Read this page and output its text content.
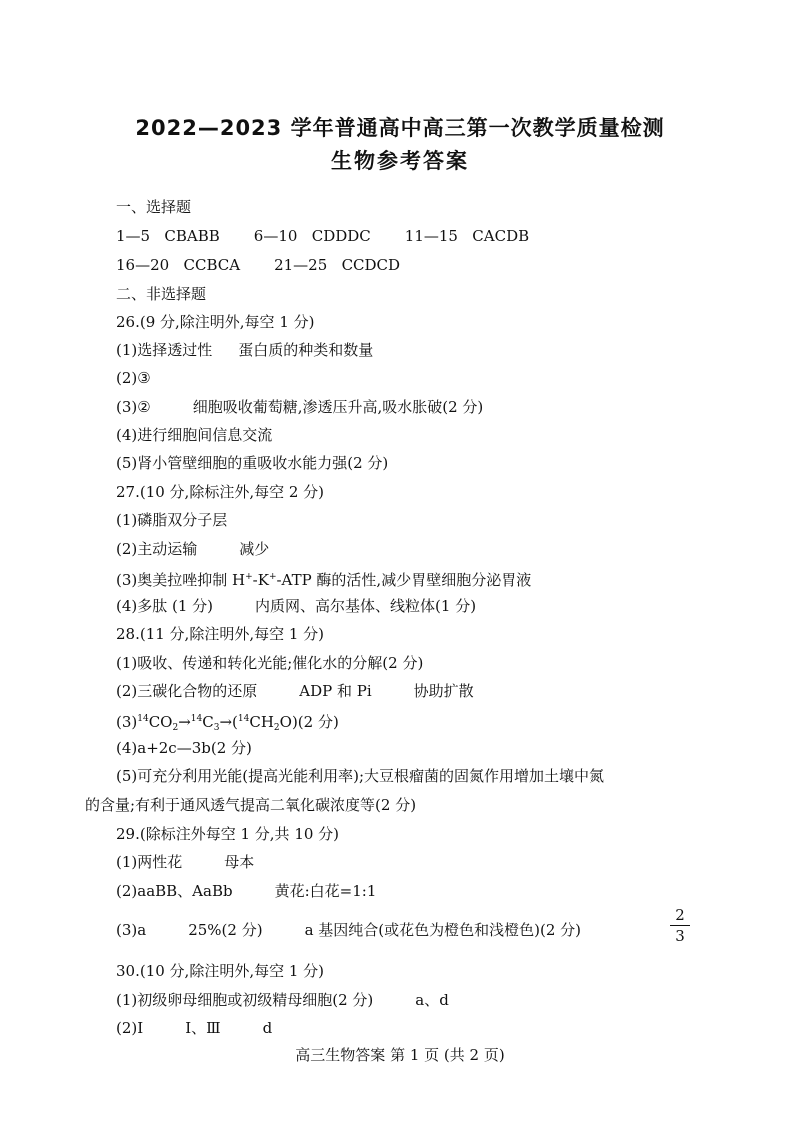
2022—2023 学年普通高中高三第一次教学质量检测
生物参考答案
一、选择题
1—5 CBABB 6—10 CDDDC 11—15 CACDB
16—20 CCBCA 21—25 CCDCD
二、非选择题
26.(9 分,除注明外,每空 1 分)
(1)选择透过性 蛋白质的种类和数量
(2)③
(3)②	细胞吸收葡萄糖,渗透压升高,吸水胀破(2 分)
(4)进行细胞间信息交流
(5)肾小管壁细胞的重吸收水能力强(2 分)
27.(10 分,除标注外,每空 2 分)
(1)磷脂双分子层
(2)主动运输	减少
(3)奥美拉唑抑制 H+-K+-ATP 酶的活性,减少胃壁细胞分泌胃液
(4)多肽 (1 分)	内质网、高尔基体、线粒体(1 分)
28.(11 分,除注明外,每空 1 分)
(1)吸收、传递和转化光能;催化水的分解(2 分)
(2)三碳化合物的还原	ADP 和 Pi	协助扩散
$(3)^{14}CO_2\to^{14}C_3\to(^{14}CH_2O)(2$ 分)
(4)a+2c—3b(2 分)
(5)可充分利用光能(提高光能利用率);大豆根瘤菌的固氮作用增加土壤中氮
的含量;有利于通风透气提高二氧化碳浓度等(2 分)
29.(除标注外每空 1 分,共 10 分)
(1)两性花	母本
(2)aaBB、AaBb	黄花:白花=1:1
(3)a	25%(2 分)	a 基因纯合(或花色为橙色和浅橙色)(2 分)
2
3
30.(10 分,除注明外,每空 1 分)
(1)初级卵母细胞或初级精母细胞(2 分)	a、d
(2)Ⅰ	Ⅰ、Ⅲ	d
高三生物答案 第 1 页 (共 2 页)
